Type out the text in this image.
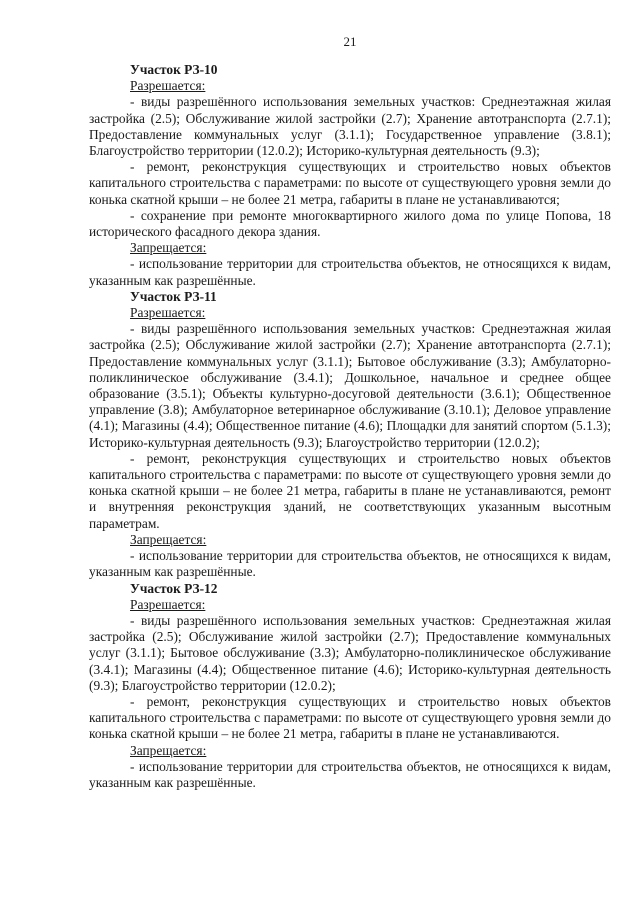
21

Участок РЗ-10

Разрешается:

- виды разрешённого использования земельных участков: Среднеэтажная жилая застройка (2.5); Обслуживание жилой застройки (2.7); Хранение автотранспорта (2.7.1); Предоставление коммунальных услуг (3.1.1); Государственное управление (3.8.1); Благоустройство территории (12.0.2); Историко-культурная деятельность (9.3);

- ремонт, реконструкция существующих и строительство новых объектов капитального строительства с параметрами: по высоте от существующего уровня земли до конька скатной крыши – не более 21 метра, габариты в плане не устанавливаются;

- сохранение при ремонте многоквартирного жилого дома по улице Попова, 18 исторического фасадного декора здания.

Запрещается:

- использование территории для строительства объектов, не относящихся к видам, указанным как разрешённые.

Участок РЗ-11

Разрешается:

- виды разрешённого использования земельных участков: Среднеэтажная жилая застройка (2.5); Обслуживание жилой застройки (2.7); Хранение автотранспорта (2.7.1); Предоставление коммунальных услуг (3.1.1); Бытовое обслуживание (3.3); Амбулаторно-поликлиническое обслуживание (3.4.1); Дошкольное, начальное и среднее общее образование (3.5.1); Объекты культурно-досуговой деятельности (3.6.1); Общественное управление (3.8); Амбулаторное ветеринарное обслуживание (3.10.1); Деловое управление (4.1); Магазины (4.4); Общественное питание (4.6); Площадки для занятий спортом (5.1.3); Историко-культурная деятельность (9.3); Благоустройство территории (12.0.2);

- ремонт, реконструкция существующих и строительство новых объектов капитального строительства с параметрами: по высоте от существующего уровня земли до конька скатной крыши – не более 21 метра, габариты в плане не устанавливаются, ремонт и внутренняя реконструкция зданий, не соответствующих указанным высотным параметрам.

Запрещается:

- использование территории для строительства объектов, не относящихся к видам, указанным как разрешённые.

Участок РЗ-12

Разрешается:

- виды разрешённого использования земельных участков: Среднеэтажная жилая застройка (2.5); Обслуживание жилой застройки (2.7); Предоставление коммунальных услуг (3.1.1); Бытовое обслуживание (3.3); Амбулаторно-поликлиническое обслуживание (3.4.1); Магазины (4.4); Общественное питание (4.6); Историко-культурная деятельность (9.3); Благоустройство территории (12.0.2);

- ремонт, реконструкция существующих и строительство новых объектов капитального строительства с параметрами: по высоте от существующего уровня земли до конька скатной крыши – не более 21 метра, габариты в плане не устанавливаются.

Запрещается:

- использование территории для строительства объектов, не относящихся к видам, указанным как разрешённые.
